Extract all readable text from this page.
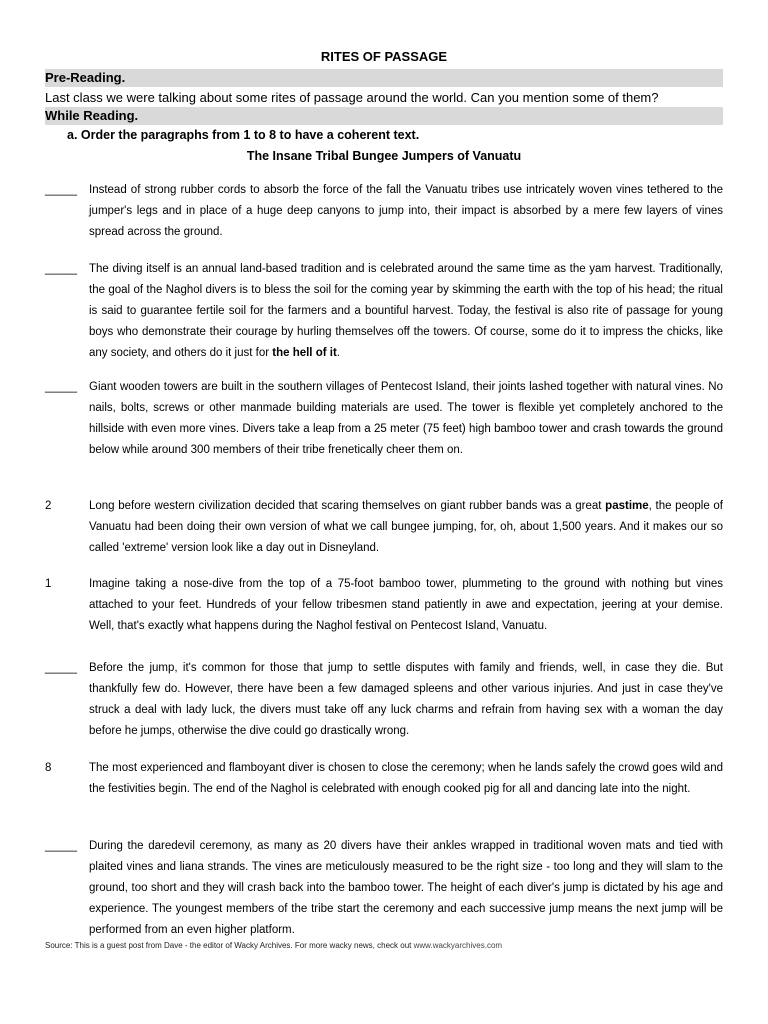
RITES OF PASSAGE
Pre-Reading.
Last class we were talking about some rites of passage around the world. Can you mention some of them?
While Reading.
a. Order the paragraphs from 1 to 8 to have a coherent text.
The Insane Tribal Bungee Jumpers of Vanuatu
_____	Instead of strong rubber cords to absorb the force of the fall the Vanuatu tribes use intricately woven vines tethered to the jumper's legs and in place of a huge deep canyons to jump into, their impact is absorbed by a mere few layers of vines spread across the ground.

_____	The diving itself is an annual land-based tradition and is celebrated around the same time as the yam harvest. Traditionally, the goal of the Naghol divers is to bless the soil for the coming year by skimming the earth with the top of his head; the ritual is said to guarantee fertile soil for the farmers and a bountiful harvest. Today, the festival is also rite of passage for young boys who demonstrate their courage by hurling themselves off the towers. Of course, some do it to impress the chicks, like any society, and others do it just for the hell of it.

_____	Giant wooden towers are built in the southern villages of Pentecost Island, their joints lashed together with natural vines. No nails, bolts, screws or other manmade building materials are used. The tower is flexible yet completely anchored to the hillside with even more vines. Divers take a leap from a 25 meter (75 feet) high bamboo tower and crash towards the ground below while around 300 members of their tribe frenetically cheer them on.

2	Long before western civilization decided that scaring themselves on giant rubber bands was a great pastime, the people of Vanuatu had been doing their own version of what we call bungee jumping, for, oh, about 1,500 years. And it makes our so called 'extreme' version look like a day out in Disneyland.

1	Imagine taking a nose-dive from the top of a 75-foot bamboo tower, plummeting to the ground with nothing but vines attached to your feet. Hundreds of your fellow tribesmen stand patiently in awe and expectation, jeering at your demise. Well, that's exactly what happens during the Naghol festival on Pentecost Island, Vanuatu.

_____	Before the jump, it's common for those that jump to settle disputes with family and friends, well, in case they die. But thankfully few do. However, there have been a few damaged spleens and other various injuries. And just in case they've struck a deal with lady luck, the divers must take off any luck charms and refrain from having sex with a woman the day before he jumps, otherwise the dive could go drastically wrong.

8	The most experienced and flamboyant diver is chosen to close the ceremony; when he lands safely the crowd goes wild and the festivities begin. The end of the Naghol is celebrated with enough cooked pig for all and dancing late into the night.

_____	During the daredevil ceremony, as many as 20 divers have their ankles wrapped in traditional woven mats and tied with plaited vines and liana strands. The vines are meticulously measured to be the right size - too long and they will slam to the ground, too short and they will crash back into the bamboo tower. The height of each diver's jump is dictated by his age and experience. The youngest members of the tribe start the ceremony and each successive jump means the next jump will be performed from an even higher platform.

Source: This is a guest post from Dave - the editor of Wacky Archives. For more wacky news, check out www.wackyarchives.com
